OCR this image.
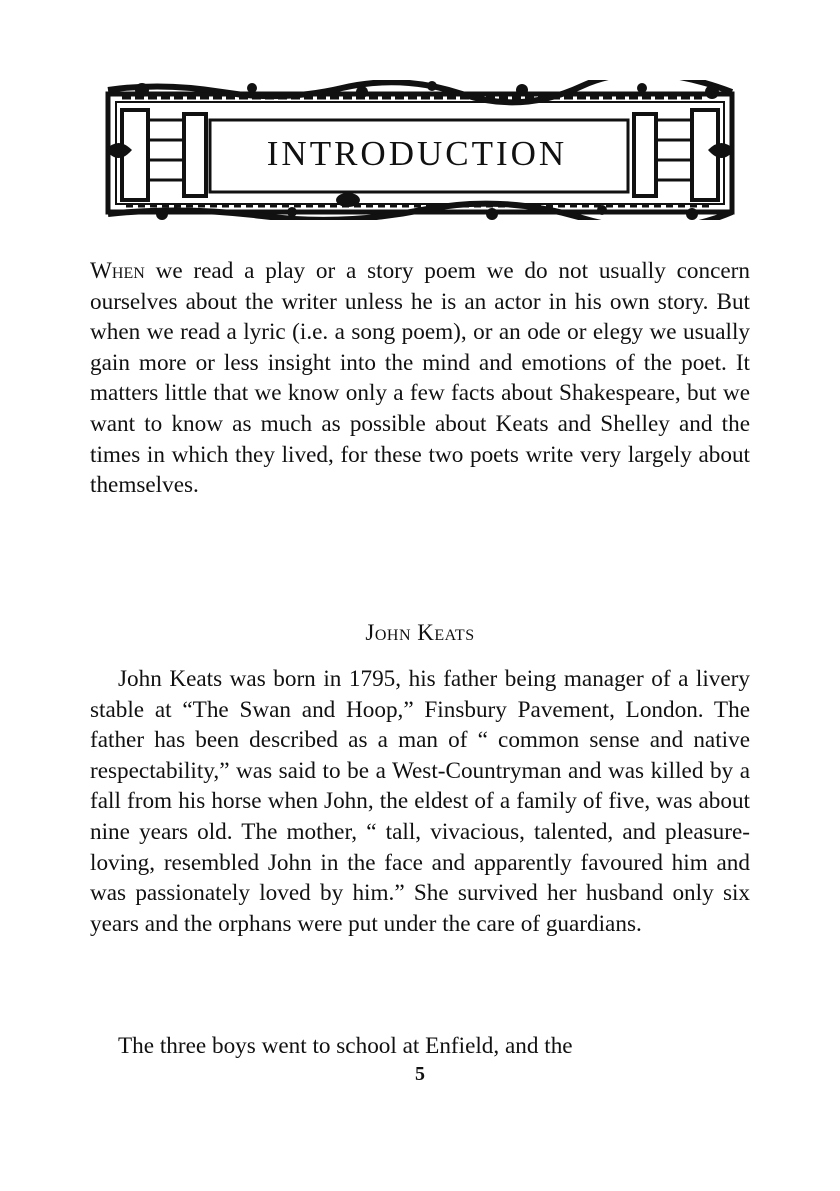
INTRODUCTION

When we read a play or a story poem we do not usually concern ourselves about the writer unless he is an actor in his own story. But when we read a lyric (i.e. a song poem), or an ode or elegy we usually gain more or less insight into the mind and emotions of the poet. It matters little that we know only a few facts about Shakespeare, but we want to know as much as possible about Keats and Shelley and the times in which they lived, for these two poets write very largely about themselves.

John Keats

John Keats was born in 1795, his father being manager of a livery stable at “The Swan and Hoop,” Finsbury Pavement, London. The father has been described as a man of “ common sense and native respectability,” was said to be a West-Countryman and was killed by a fall from his horse when John, the eldest of a family of five, was about nine years old. The mother, “ tall, vivacious, talented, and pleasure-loving, resembled John in the face and apparently favoured him and was passionately loved by him.” She survived her husband only six years and the orphans were put under the care of guardians.

The three boys went to school at Enfield, and the

5
